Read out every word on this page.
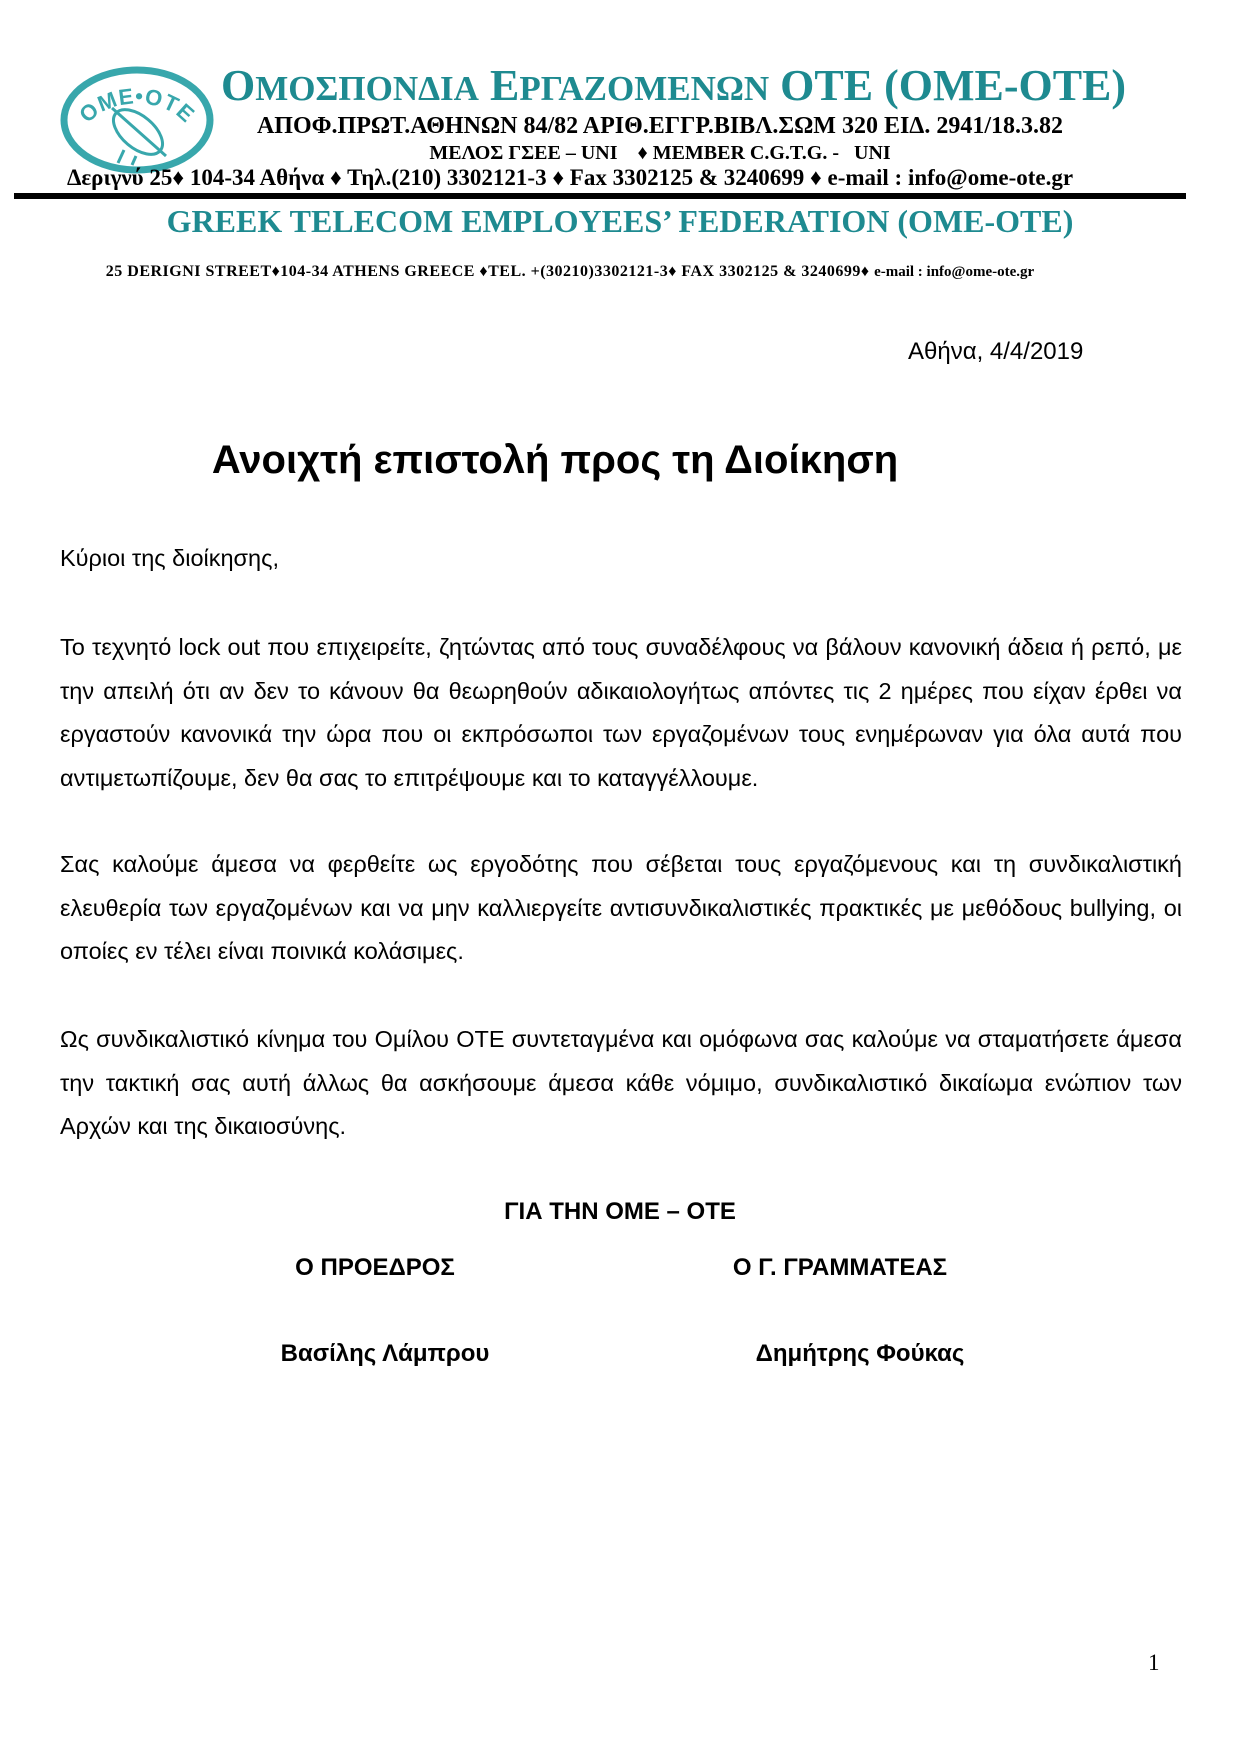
ΟΜΕ•ΟΤΕ
ΟΜΟΣΠΟΝΔΙΑ ΕΡΓΑΖΟΜΕΝΩΝ ΟΤΕ (ΟΜΕ-ΟΤΕ)
ΑΠΟΦ.ΠΡΩΤ.ΑΘΗΝΩΝ 84/82 ΑΡΙΘ.ΕΓΓΡ.ΒΙΒΛ.ΣΩΜ 320 ΕΙΔ. 2941/18.3.82
ΜΕΛΟΣ ΓΣΕΕ – UNI    ♦ MEMBER C.G.T.G. -   UNI
Δεριγνύ 25♦ 104-34 Αθήνα ♦ Τηλ.(210) 3302121-3 ♦ Fax 3302125 & 3240699 ♦ e-mail : info@ome-ote.gr
GREEK TELECOM EMPLOYEES’ FEDERATION (OME-OTE)
25 DERIGNI STREET♦104-34 ATHENS GREECE ♦TEL. +(30210)3302121-3♦ FAX 3302125 & 3240699♦ e-mail : info@ome-ote.gr
Αθήνα, 4/4/2019
Ανοιχτή επιστολή προς τη Διοίκηση
Κύριοι της διοίκησης,

Το τεχνητό lock out που επιχειρείτε, ζητώντας από τους συναδέλφους να βάλουν κανονική άδεια ή ρεπό, με την απειλή ότι αν δεν το κάνουν θα θεωρηθούν αδικαιολογήτως απόντες τις 2 ημέρες που είχαν έρθει να εργαστούν κανονικά την ώρα που οι εκπρόσωποι των εργαζομένων τους ενημέρωναν για όλα αυτά που αντιμετωπίζουμε, δεν θα σας το επιτρέψουμε και το καταγγέλλουμε.

Σας καλούμε άμεσα να φερθείτε ως εργοδότης που σέβεται τους εργαζόμενους και τη συνδικαλιστική ελευθερία των εργαζομένων και να μην καλλιεργείτε αντισυνδικαλιστικές πρακτικές με μεθόδους bullying, οι οποίες εν τέλει είναι ποινικά κολάσιμες.

Ως συνδικαλιστικό κίνημα του Ομίλου ΟΤΕ συντεταγμένα και ομόφωνα σας καλούμε να σταματήσετε άμεσα την τακτική σας αυτή άλλως θα ασκήσουμε άμεσα κάθε νόμιμο, συνδικαλιστικό δικαίωμα ενώπιον των Αρχών και της δικαιοσύνης.

ΓΙΑ ΤΗΝ ΟΜΕ – ΟΤΕ
Ο ΠΡΟΕΔΡΟΣ	Ο Γ. ΓΡΑΜΜΑΤΕΑΣ
Βασίλης Λάμπρου	Δημήτρης Φούκας
1
